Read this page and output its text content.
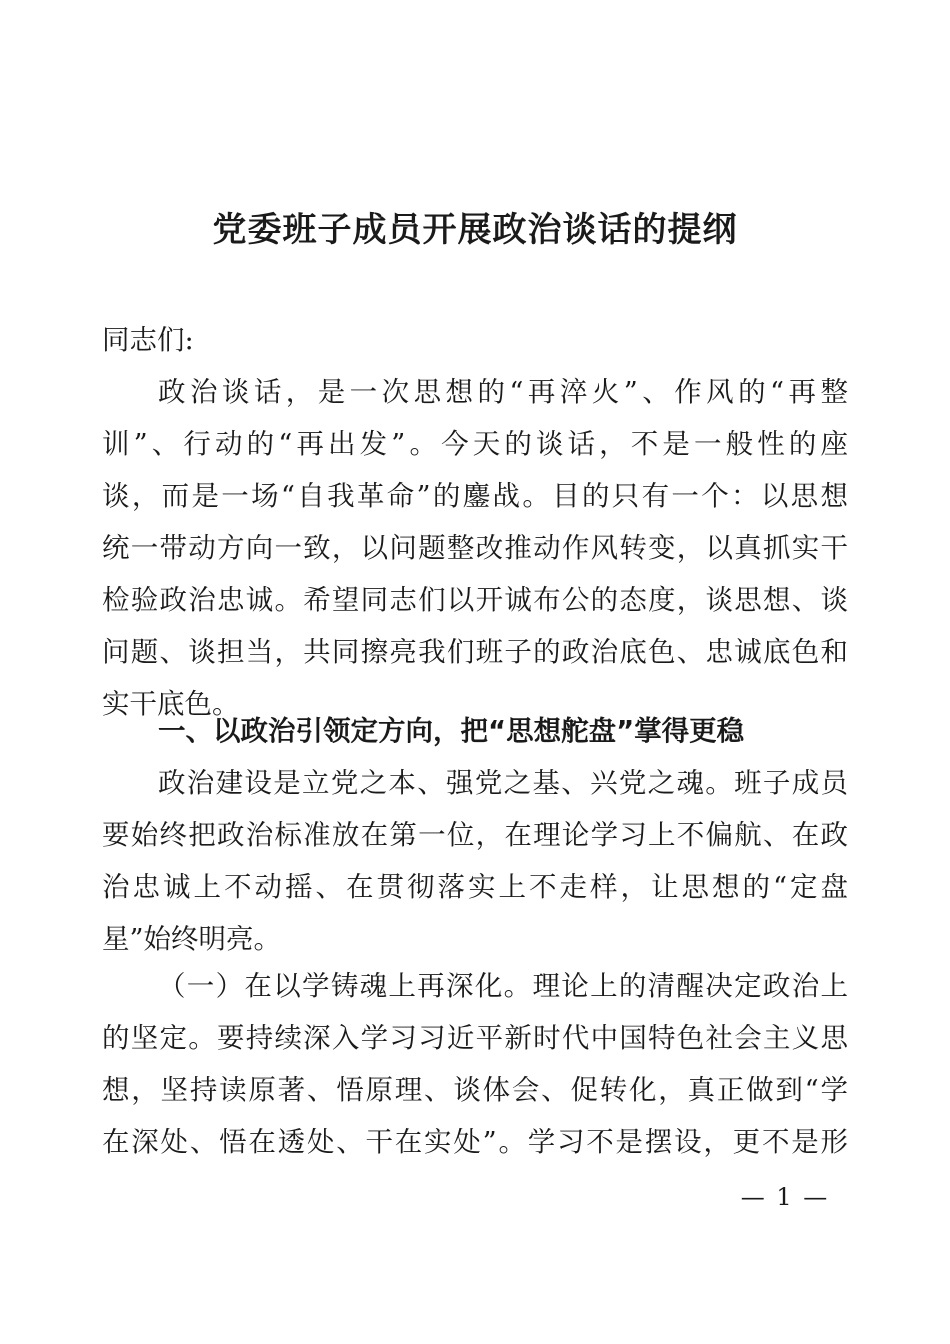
党委班子成员开展政治谈话的提纲
同志们:
政治谈话，是一次思想的“再淬火”、作风的“再整
训”、行动的“再出发”。今天的谈话，不是一般性的座
谈，而是一场“自我革命”的鏖战。目的只有一个：以思想
统一带动方向一致，以问题整改推动作风转变，以真抓实干
检验政治忠诚。希望同志们以开诚布公的态度，谈思想、谈
问题、谈担当，共同擦亮我们班子的政治底色、忠诚底色和
实干底色。
一、以政治引领定方向，把“思想舵盘”掌得更稳
政治建设是立党之本、强党之基、兴党之魂。班子成员
要始终把政治标准放在第一位，在理论学习上不偏航、在政
治忠诚上不动摇、在贯彻落实上不走样，让思想的“定盘
星”始终明亮。
（一）在以学铸魂上再深化。理论上的清醒决定政治上
的坚定。要持续深入学习习近平新时代中国特色社会主义思
想，坚持读原著、悟原理、谈体会、促转化，真正做到“学
在深处、悟在透处、干在实处”。学习不是摆设，更不是形
— 1 —
